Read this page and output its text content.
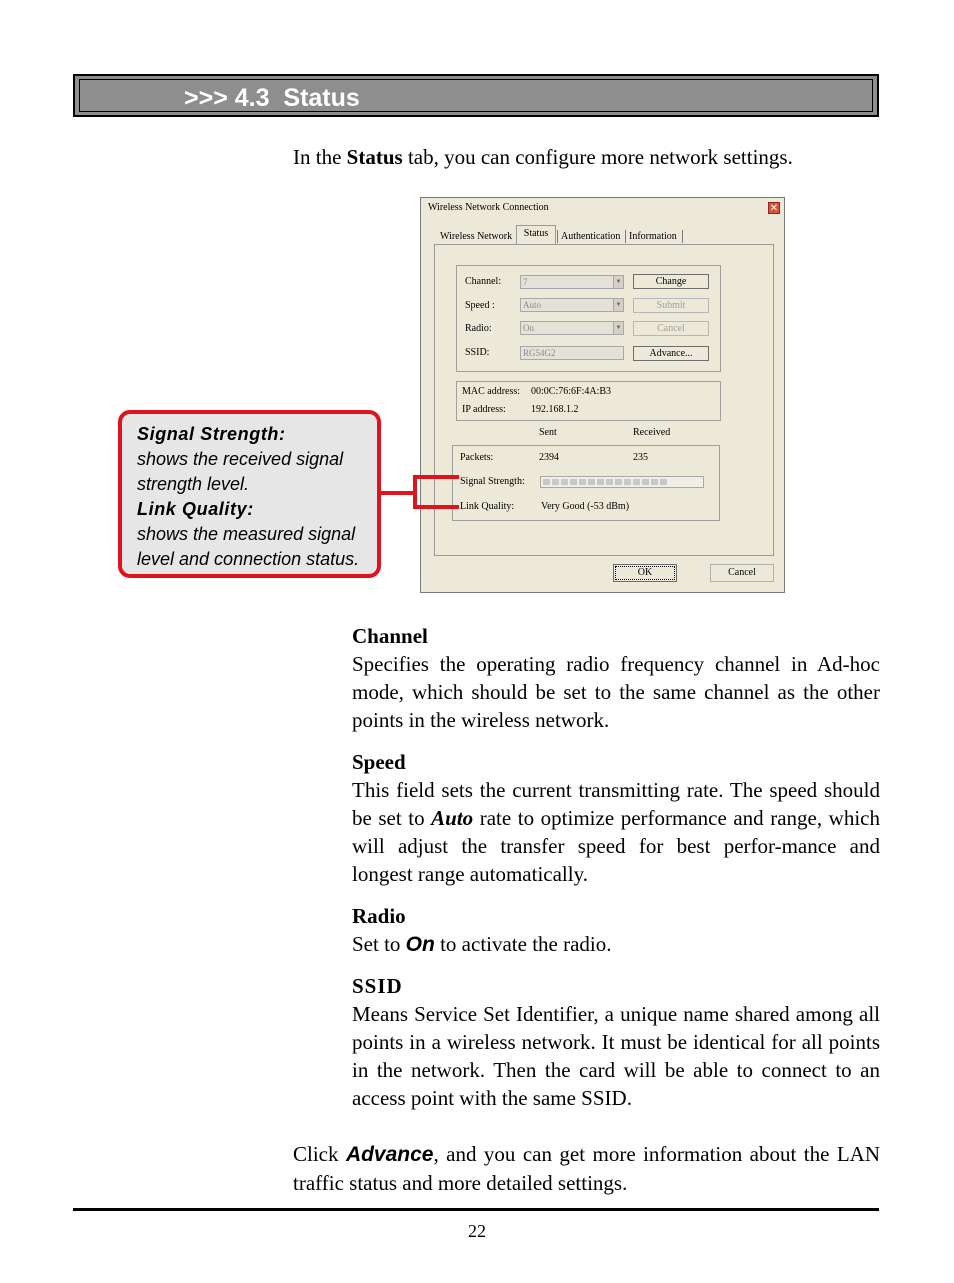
>>> 4.3  Status
In the Status tab, you can configure more network settings.
Wireless Network Connection	✕
Wireless Network	Status	Authentication Information
Channel:	7	▼	Change
Speed :	Auto	▼	Submit
Radio:	On	▼	Cancel
SSID:	RG54G2	Advance...
MAC address: 00:0C:76:6F:4A:B3
IP address:	192.168.1.2
Sent	Received
Packets:	2394	235
Signal Strength:
Link Quality:	Very Good (-53 dBm)
OK	Cancel
Signal Strength:
shows the received signal
strength level.
Link Quality:
shows the measured signal
level and connection status.
Channel
Specifies the operating radio frequency channel in Ad-hoc mode, which should be set to the same channel as the other points in the wireless network.
Speed
This field sets the current transmitting rate. The speed should be set to Auto rate to optimize performance and range, which will adjust the transfer speed for best perfor-mance and longest range automatically.
Radio
Set to On to activate the radio.
SSID
Means Service Set Identifier, a unique name shared among all points in a wireless network. It must be identical for all points in the network. Then the card will be able to connect to an access point with the same SSID.
Click Advance, and you can get more information about the LAN traffic status and more detailed settings.
22
